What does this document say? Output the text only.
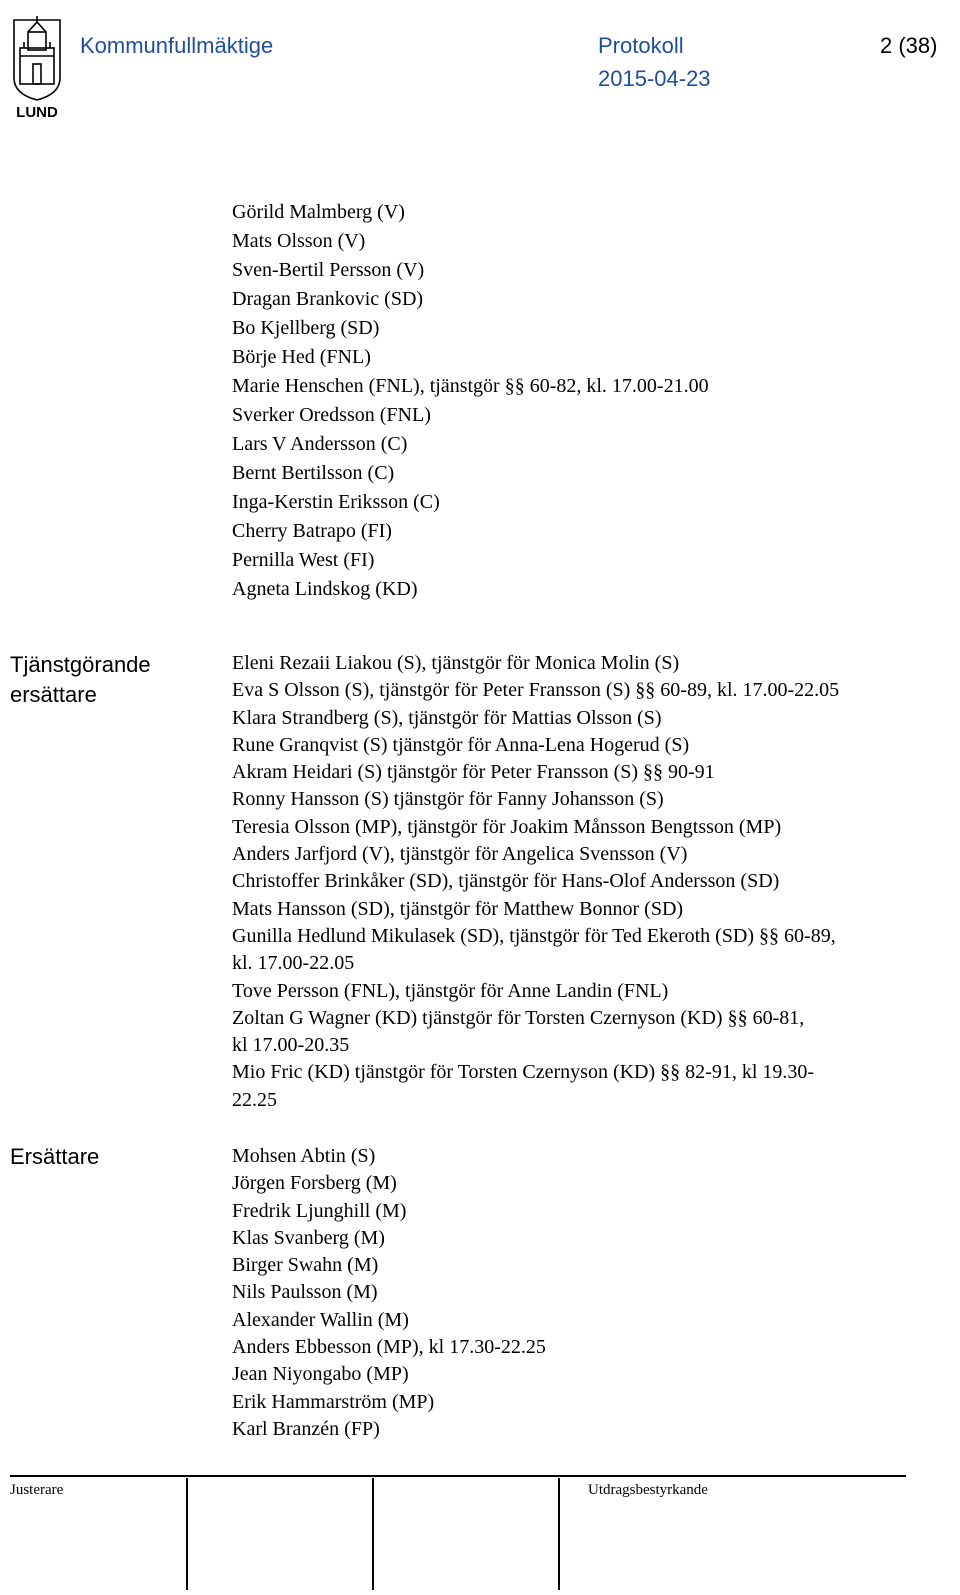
LUND
Kommunfullmäktige	Protokoll
2015-04-23
2 (38)
Görild Malmberg (V)
Mats Olsson (V)
Sven-Bertil Persson (V)
Dragan Brankovic (SD)
Bo Kjellberg (SD)
Börje Hed (FNL)
Marie Henschen (FNL), tjänstgör §§ 60-82, kl. 17.00-21.00
Sverker Oredsson (FNL)
Lars V Andersson (C)
Bernt Bertilsson (C)
Inga-Kerstin Eriksson (C)
Cherry Batrapo (FI)
Pernilla West (FI)
Agneta Lindskog (KD)
Tjänstgörande
ersättare
Eleni Rezaii Liakou (S), tjänstgör för Monica Molin (S)
Eva S Olsson (S), tjänstgör för Peter Fransson (S) §§ 60-89, kl. 17.00-22.05
Klara Strandberg (S), tjänstgör för Mattias Olsson (S)
Rune Granqvist (S) tjänstgör för Anna-Lena Hogerud (S)
Akram Heidari (S) tjänstgör för Peter Fransson (S) §§ 90-91
Ronny Hansson (S) tjänstgör för Fanny Johansson (S)
Teresia Olsson (MP), tjänstgör för Joakim Månsson Bengtsson (MP)
Anders Jarfjord (V), tjänstgör för Angelica Svensson (V)
Christoffer Brinkåker (SD), tjänstgör för Hans-Olof Andersson (SD)
Mats Hansson (SD), tjänstgör för Matthew Bonnor (SD)
Gunilla Hedlund Mikulasek (SD), tjänstgör för Ted Ekeroth (SD) §§ 60-89,
kl. 17.00-22.05
Tove Persson (FNL), tjänstgör för Anne Landin (FNL)
Zoltan G Wagner (KD) tjänstgör för Torsten Czernyson (KD) §§ 60-81,
kl 17.00-20.35
Mio Fric (KD) tjänstgör för Torsten Czernyson (KD) §§ 82-91, kl 19.30-
22.25
Ersättare	Mohsen Abtin (S)
Jörgen Forsberg (M)
Fredrik Ljunghill (M)
Klas Svanberg (M)
Birger Swahn (M)
Nils Paulsson (M)
Alexander Wallin (M)
Anders Ebbesson (MP), kl 17.30-22.25
Jean Niyongabo (MP)
Erik Hammarström (MP)
Karl Branzén (FP)
Justerare	Utdragsbestyrkande
